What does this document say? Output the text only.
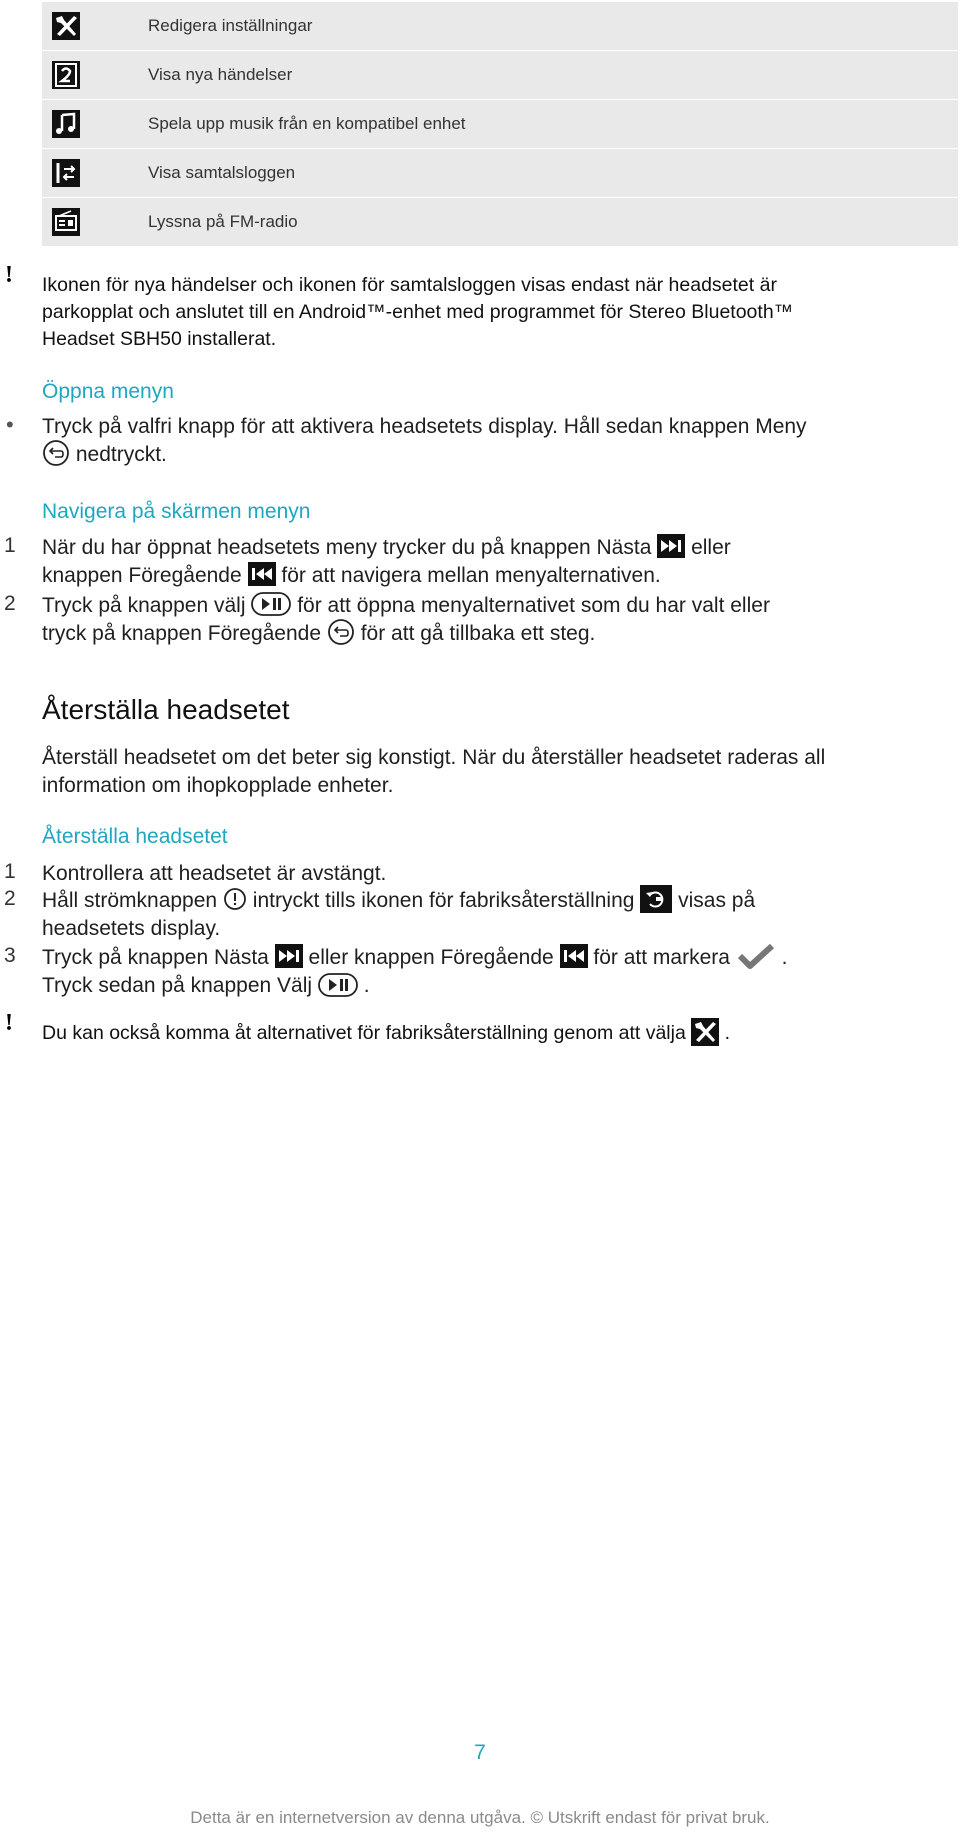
Redigera inställningar
Visa nya händelser
Spela upp musik från en kompatibel enhet
Visa samtalsloggen
Lyssna på FM-radio
! Ikonen för nya händelser och ikonen för samtalsloggen visas endast när headsetet är
parkopplat och anslutet till en Android™-enhet med programmet för Stereo Bluetooth™
Headset SBH50 installerat.
Öppna menyn
• Tryck på valfri knapp för att aktivera headsetets display. Håll sedan knappen Meny
nedtryckt.
Navigera på skärmen menyn
1 När du har öppnat headsetets meny trycker du på knappen Nästa eller
knappen Föregående för att navigera mellan menyalternativen.
2 Tryck på knappen välj för att öppna menyalternativet som du har valt eller
tryck på knappen Föregående för att gå tillbaka ett steg.
Återställa headsetet
Återställ headsetet om det beter sig konstigt. När du återställer headsetet raderas all
information om ihopkopplade enheter.
Återställa headsetet
1 Kontrollera att headsetet är avstängt.
2 Håll strömknappen intryckt tills ikonen för fabriksåterställning visas på
headsetets display.
3 Tryck på knappen Nästa eller knappen Föregående för att markera .
Tryck sedan på knappen Välj .
! Du kan också komma åt alternativet för fabriksåterställning genom att välja .
7
Detta är en internetversion av denna utgåva. © Utskrift endast för privat bruk.
